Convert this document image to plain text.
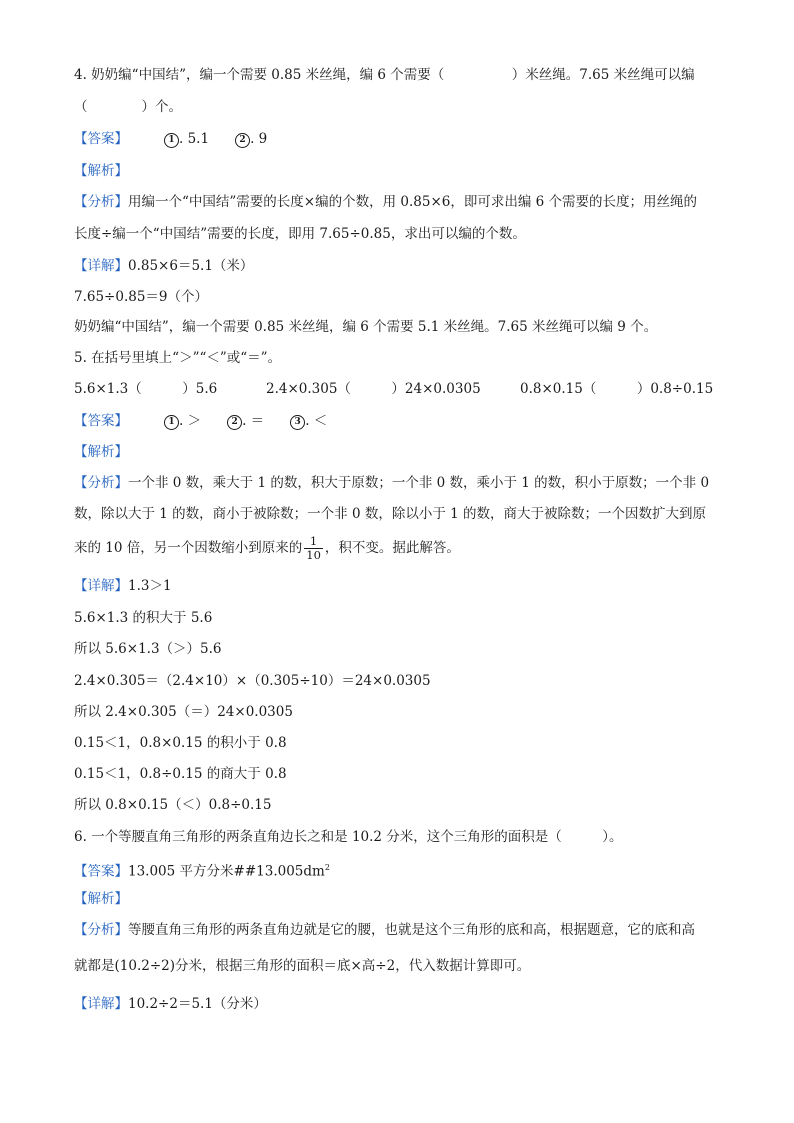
4. 奶奶编“中国结”，编一个需要 0.85 米丝绳，编 6 个需要（　　　　　）米丝绳。7.65 米丝绳可以编
（　　　　）个。
【答案】	1 . 5.1	2 . 9
【解析】
【分析】用编一个“中国结”需要的长度×编的个数，用 0.85×6，即可求出编 6 个需要的长度；用丝绳的
长度÷编一个“中国结”需要的长度，即用 7.65÷0.85，求出可以编的个数。
【详解】0.85×6＝5.1（米）
7.65÷0.85＝9（个）
奶奶编“中国结”，编一个需要 0.85 米丝绳，编 6 个需要 5.1 米丝绳。7.65 米丝绳可以编 9 个。
5. 在括号里填上“＞”“＜”或“＝”。
5.6×1.3（　　　）5.6	2.4×0.305（　　　）24×0.0305	0.8×0.15（　　　）0.8÷0.15
【答案】	1 . ＞	2 . ＝	3 . ＜
【解析】
【分析】一个非 0 数，乘大于 1 的数，积大于原数；一个非 0 数，乘小于 1 的数，积小于原数；一个非 0
数，除以大于 1 的数，商小于被除数；一个非 0 数，除以小于 1 的数，商大于被除数；一个因数扩大到原
来的 10 倍，另一个因数缩小到原来的 $\frac{1}{10}$ ，积不变。据此解答。
【详解】1.3＞1
5.6×1.3 的积大于 5.6
所以 5.6×1.3（＞）5.6
2.4×0.305＝（2.4×10）×（0.305÷10）＝24×0.0305
所以 2.4×0.305（＝）24×0.0305
0.15＜1，0.8×0.15 的积小于 0.8
0.15＜1，0.8÷0.15 的商大于 0.8
所以 0.8×0.15（＜）0.8÷0.15
6. 一个等腰直角三角形的两条直角边长之和是 10.2 分米，这个三角形的面积是（　　　）。
【答案】13.005 平方分米$\#\#13.005dm^2$
【解析】
【分析】等腰直角三角形的两条直角边就是它的腰，也就是这个三角形的底和高，根据题意，它的底和高
就都是(10.2÷2)分米，根据三角形的面积＝底×高÷2，代入数据计算即可。
【详解】10.2÷2＝5.1（分米）
